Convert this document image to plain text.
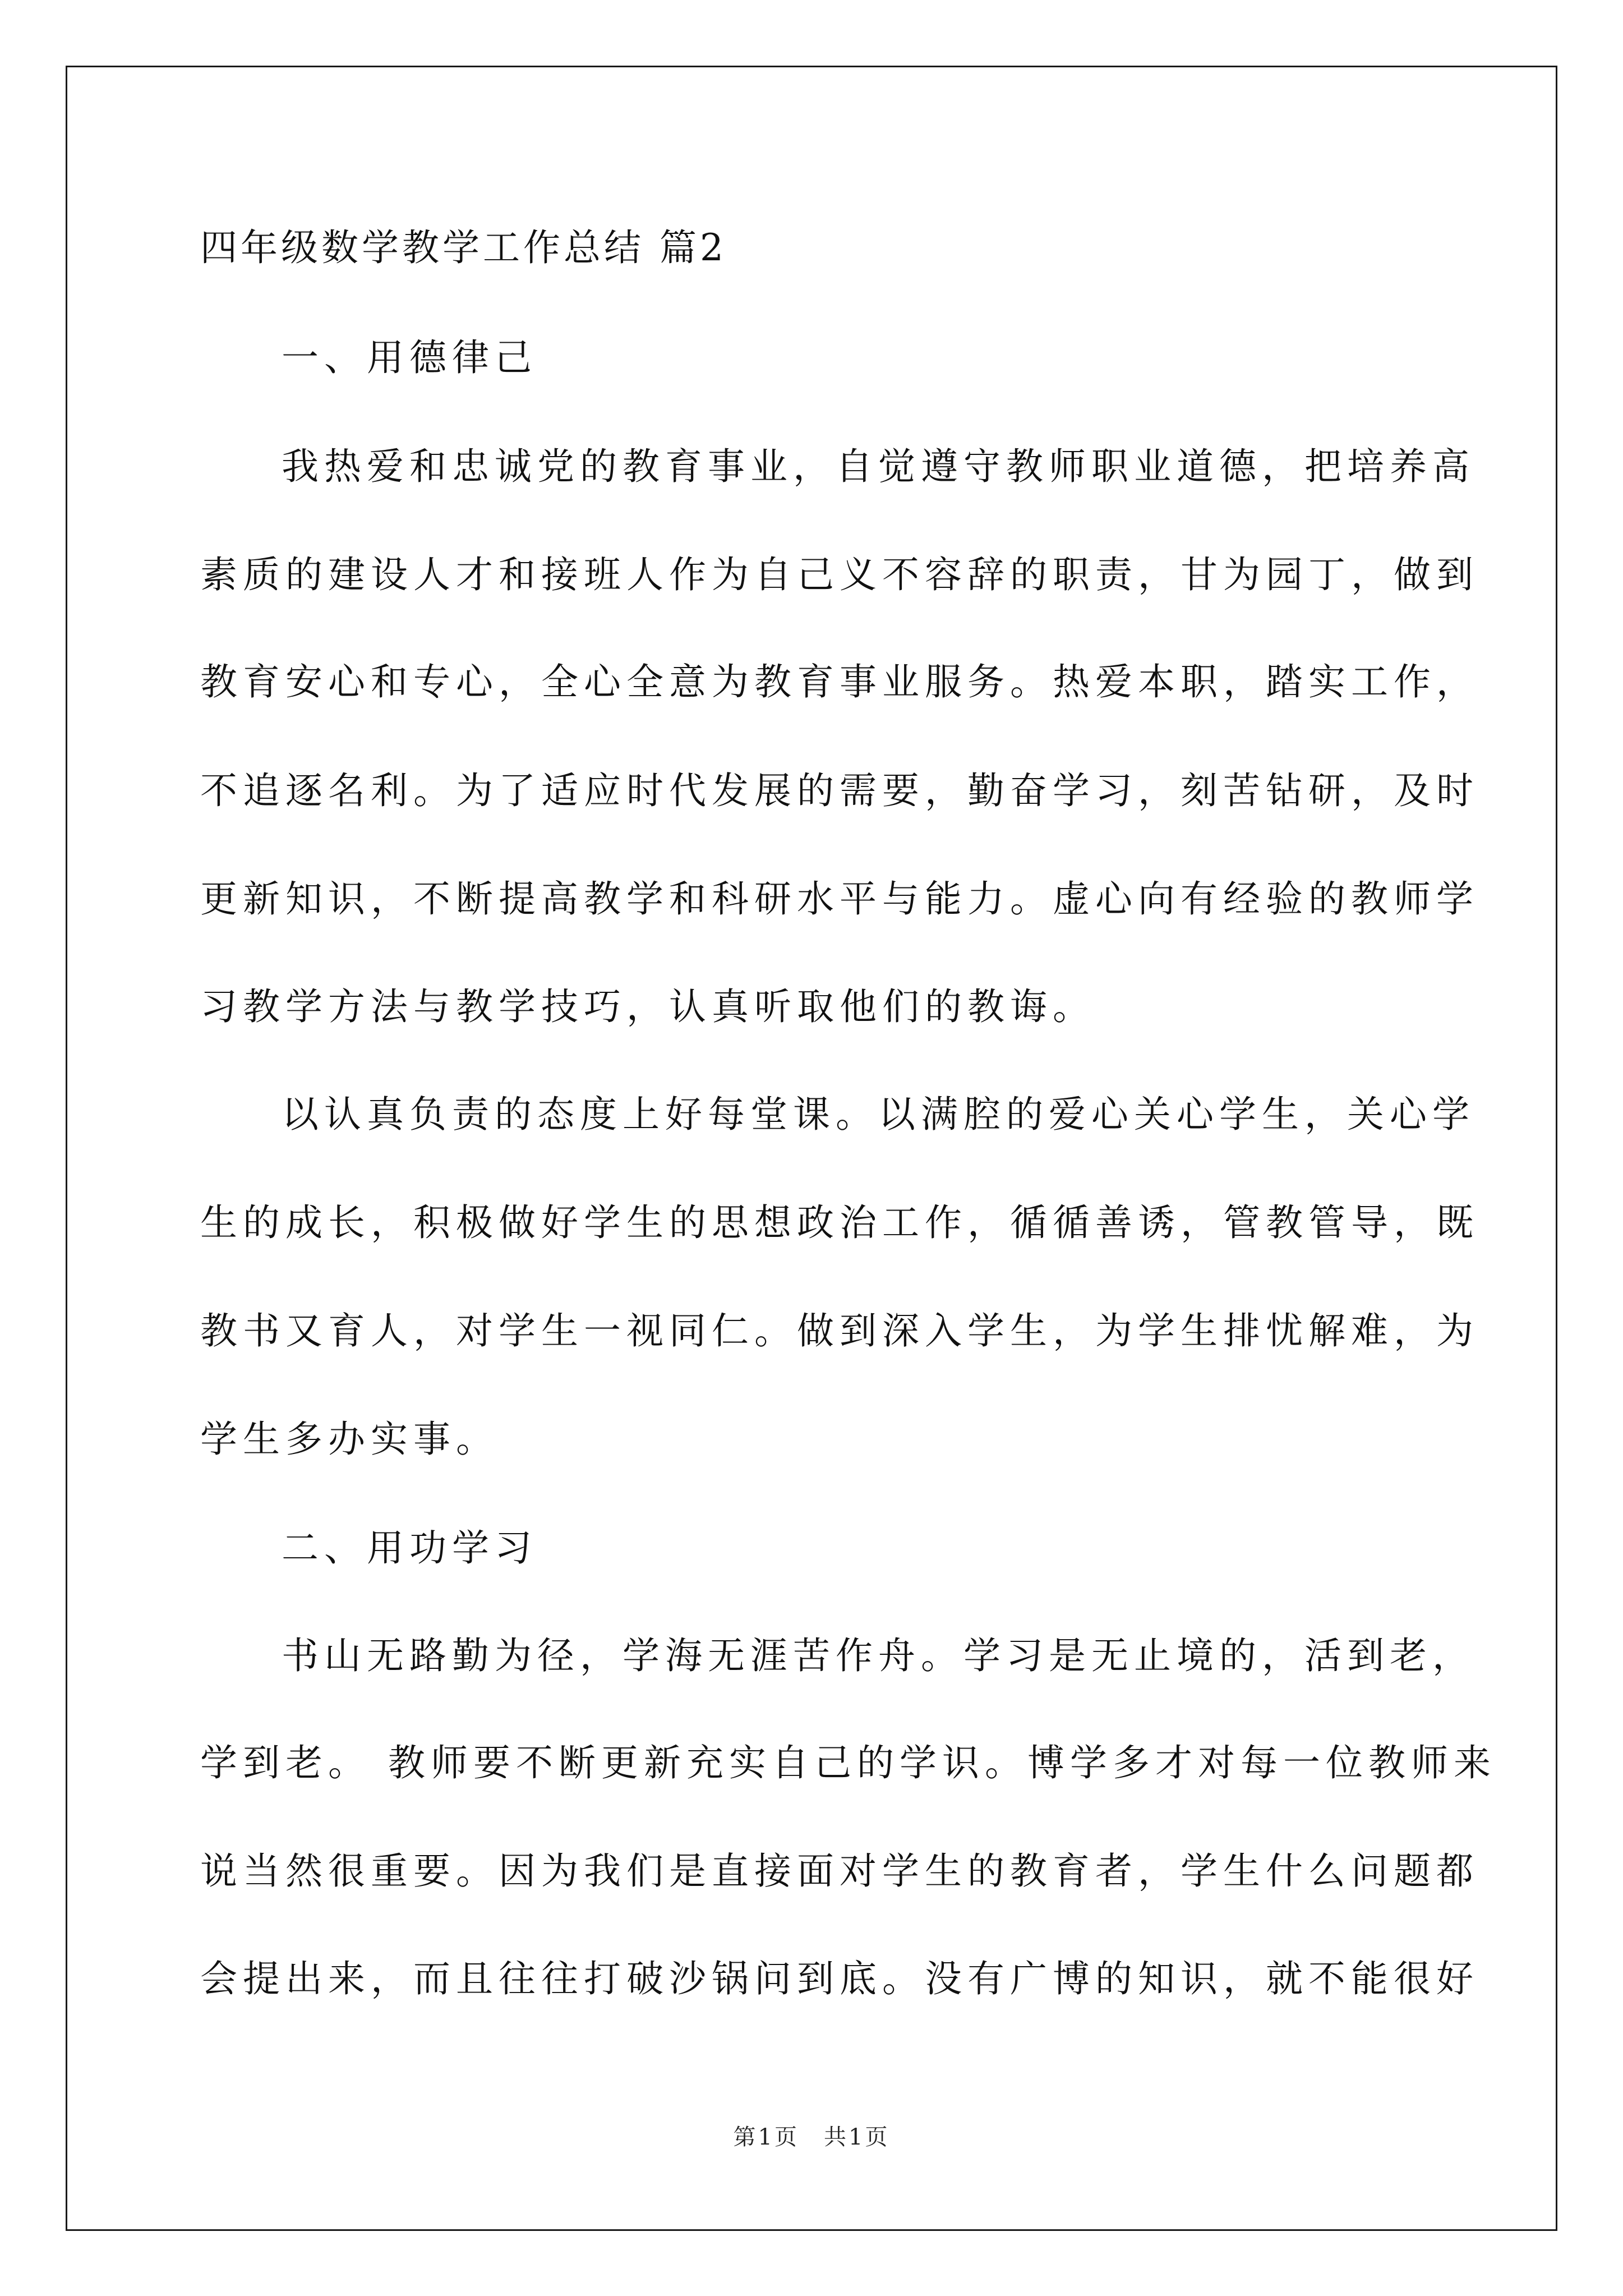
四年级数学教学工作总结 篇2
一、用德律己
我热爱和忠诚党的教育事业，自觉遵守教师职业道德，把培养高
素质的建设人才和接班人作为自己义不容辞的职责，甘为园丁，做到
教育安心和专心，全心全意为教育事业服务。热爱本职，踏实工作，
不追逐名利。为了适应时代发展的需要，勤奋学习，刻苦钻研，及时
更新知识，不断提高教学和科研水平与能力。虚心向有经验的教师学
习教学方法与教学技巧，认真听取他们的教诲。
以认真负责的态度上好每堂课。以满腔的爱心关心学生，关心学
生的成长，积极做好学生的思想政治工作，循循善诱，管教管导，既
教书又育人，对学生一视同仁。做到深入学生，为学生排忧解难，为
学生多办实事。
二、用功学习
书山无路勤为径，学海无涯苦作舟。学习是无止境的，活到老，
学到老。 教师要不断更新充实自己的学识。博学多才对每一位教师来
说当然很重要。因为我们是直接面对学生的教育者，学生什么问题都
会提出来，而且往往打破沙锅问到底。没有广博的知识，就不能很好
第1页　共1页
